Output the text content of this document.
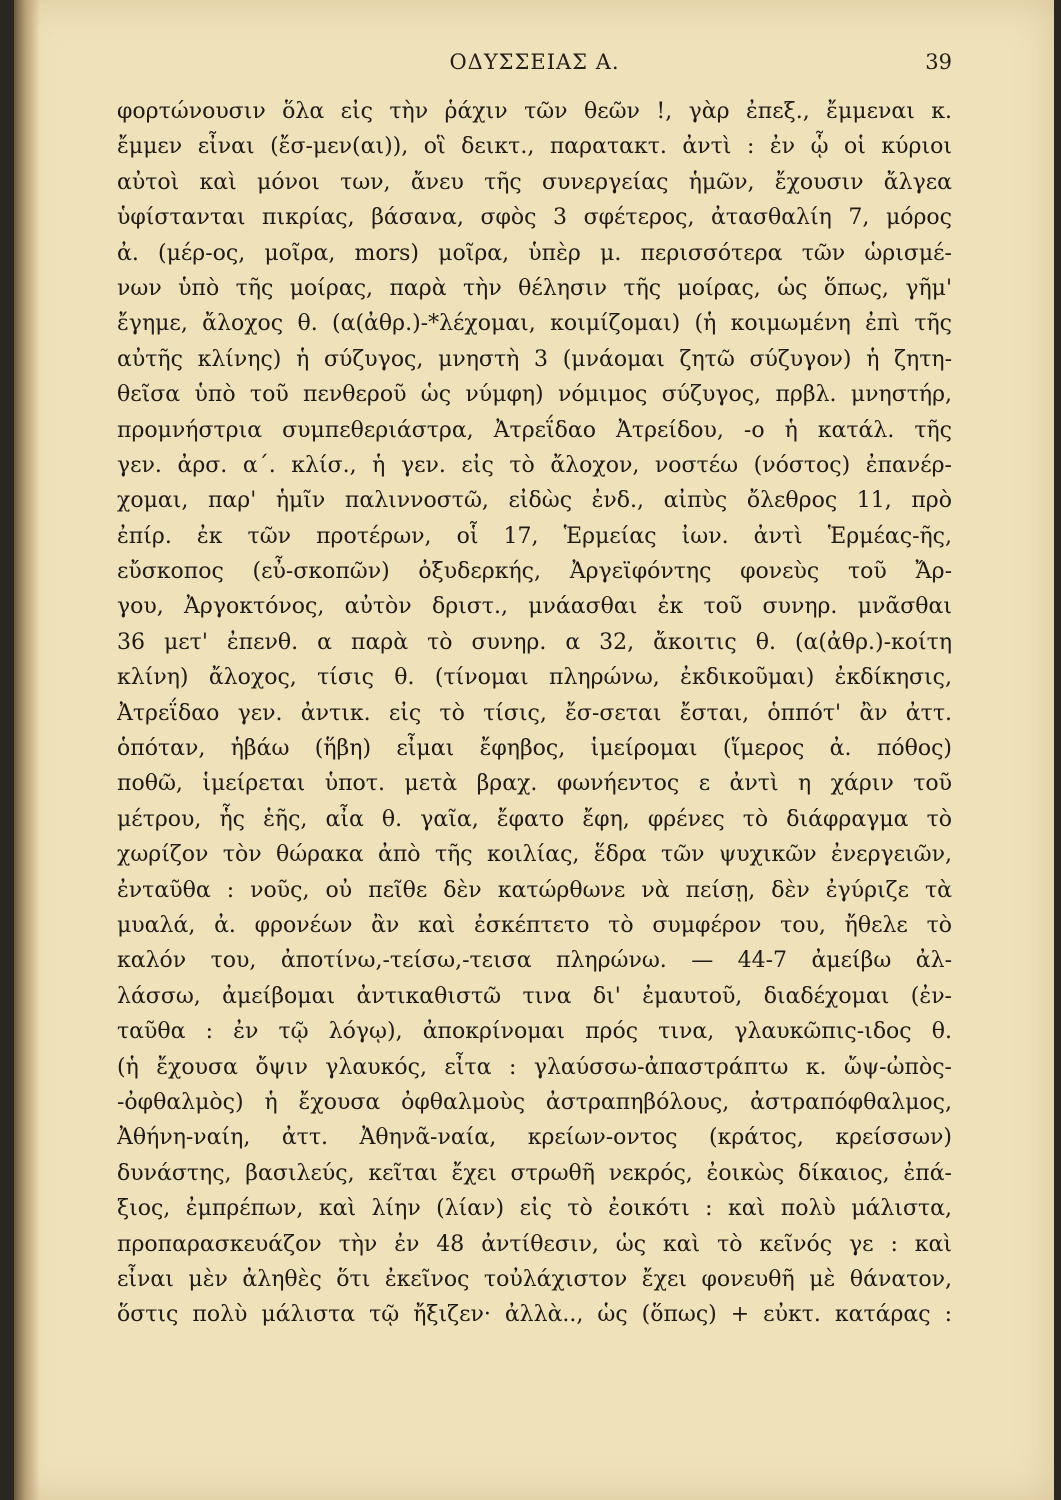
ΟΔΥΣΣΕΙΑΣ Α.	39
φορτώνουσιν ὅλα εἰς τὴν ῥάχιν τῶν θεῶν !, γὰρ ἐπεξ., ἔμμεναι κ.
ἔμμεν εἶναι (ἔσ-μεν(αι)), οἳ δεικτ., παρατακτ. ἀντὶ : ἐν ᾧ οἱ κύριοι
αὐτοὶ καὶ μόνοι των, ἄνευ τῆς συνεργείας ἡμῶν, ἔχουσιν ἄλγεα
ὑφίστανται πικρίας, βάσανα, σφὸς 3 σφέτερος, ἀτασθαλίη 7, μόρος
ἀ. (μέρ-ος, μοῖρα, mors) μοῖρα, ὑπὲρ μ. περισσότερα τῶν ὡρισμέ-
νων ὑπὸ τῆς μοίρας, παρὰ τὴν θέλησιν τῆς μοίρας, ὡς ὅπως, γῆμ'
ἔγημε, ἄλοχος θ. (α(ἀθρ.)-*λέχομαι, κοιμίζομαι) (ἡ κοιμωμένη ἐπὶ τῆς
αὐτῆς κλίνης) ἡ σύζυγος, μνηστὴ 3 (μνάομαι ζητῶ σύζυγον) ἡ ζητη-
θεῖσα ὑπὸ τοῦ πενθεροῦ ὡς νύμφη) νόμιμος σύζυγος, πρβλ. μνηστήρ,
προμνήστρια συμπεθεριάστρα, Ἀτρεΐδαο Ἀτρείδου, -ο ἡ κατάλ. τῆς
γεν. ἀρσ. α΄. κλίσ., ἡ γεν. εἰς τὸ ἄλοχον, νοστέω (νόστος) ἐπανέρ-
χομαι, παρ' ἡμῖν παλιννοστῶ, εἰδὼς ἐνδ., αἰπὺς ὄλεθρος 11, πρὸ
ἐπίρ. ἐκ τῶν προτέρων, οἷ 17, Ἑρμείας ἰων. ἀντὶ Ἑρμέας-ῆς,
εὔσκοπος (εὖ-σκοπῶν) ὀξυδερκής, Ἀργεϊφόντης φονεὺς τοῦ Ἄρ-
γου, Ἀργοκτόνος, αὐτὸν δριστ., μνάασθαι ἐκ τοῦ συνηρ. μνᾶσθαι
36 μετ' ἐπενθ. α παρὰ τὸ συνηρ. α 32, ἄκοιτις θ. (α(ἀθρ.)-κοίτη
κλίνη) ἄλοχος, τίσις θ. (τίνομαι πληρώνω, ἐκδικοῦμαι) ἐκδίκησις,
Ἀτρεΐδαο γεν. ἀντικ. εἰς τὸ τίσις, ἔσ-σεται ἔσται, ὁππότ' ἂν ἀττ.
ὁπόταν, ἡβάω (ἥβη) εἶμαι ἔφηβος, ἱμείρομαι (ἵμερος ἀ. πόθος)
ποθῶ, ἱμείρεται ὑποτ. μετὰ βραχ. φωνήεντος ε ἀντὶ η χάριν τοῦ
μέτρου, ἧς ἑῆς, αἶα θ. γαῖα, ἔφατο ἔφη, φρένες τὸ διάφραγμα τὸ
χωρίζον τὸν θώρακα ἀπὸ τῆς κοιλίας, ἕδρα τῶν ψυχικῶν ἐνεργειῶν,
ἐνταῦθα : νοῦς, οὐ πεῖθε δὲν κατώρθωνε νὰ πείσῃ, δὲν ἐγύριζε τὰ
μυαλά, ἀ. φρονέων ἂν καὶ ἐσκέπτετο τὸ συμφέρον του, ἤθελε τὸ
καλόν του, ἀποτίνω,-τείσω,-τεισα πληρώνω. — 44-7 ἀμείβω ἀλ-
λάσσω, ἀμείβομαι ἀντικαθιστῶ τινα δι' ἐμαυτοῦ, διαδέχομαι (ἐν-
ταῦθα : ἐν τῷ λόγῳ), ἀποκρίνομαι πρός τινα, γλαυκῶπις-ιδος θ.
(ἡ ἔχουσα ὄψιν γλαυκός, εἶτα : γλαύσσω-ἀπαστράπτω κ. ὤψ-ὠπὸς-
-ὀφθαλμὸς) ἡ ἔχουσα ὀφθαλμοὺς ἀστραπηβόλους, ἀστραπόφθαλμος,
Ἀθήνη-ναίη, ἀττ. Ἀθηνᾶ-ναία, κρείων-οντος (κράτος, κρείσσων)
δυνάστης, βασιλεύς, κεῖται ἔχει στρωθῆ νεκρός, ἐοικὼς δίκαιος, ἐπά-
ξιος, ἐμπρέπων, καὶ λίην (λίαν) εἰς τὸ ἐοικότι : καὶ πολὺ μάλιστα,
προπαρασκευάζον τὴν ἐν 48 ἀντίθεσιν, ὡς καὶ τὸ κεῖνός γε : καὶ
εἶναι μὲν ἀληθὲς ὅτι ἐκεῖνος τοὐλάχιστον ἔχει φονευθῆ μὲ θάνατον,
ὅστις πολὺ μάλιστα τῷ ἤξιζεν· ἀλλὰ.., ὡς (ὅπως) + εὐκτ. κατάρας :
